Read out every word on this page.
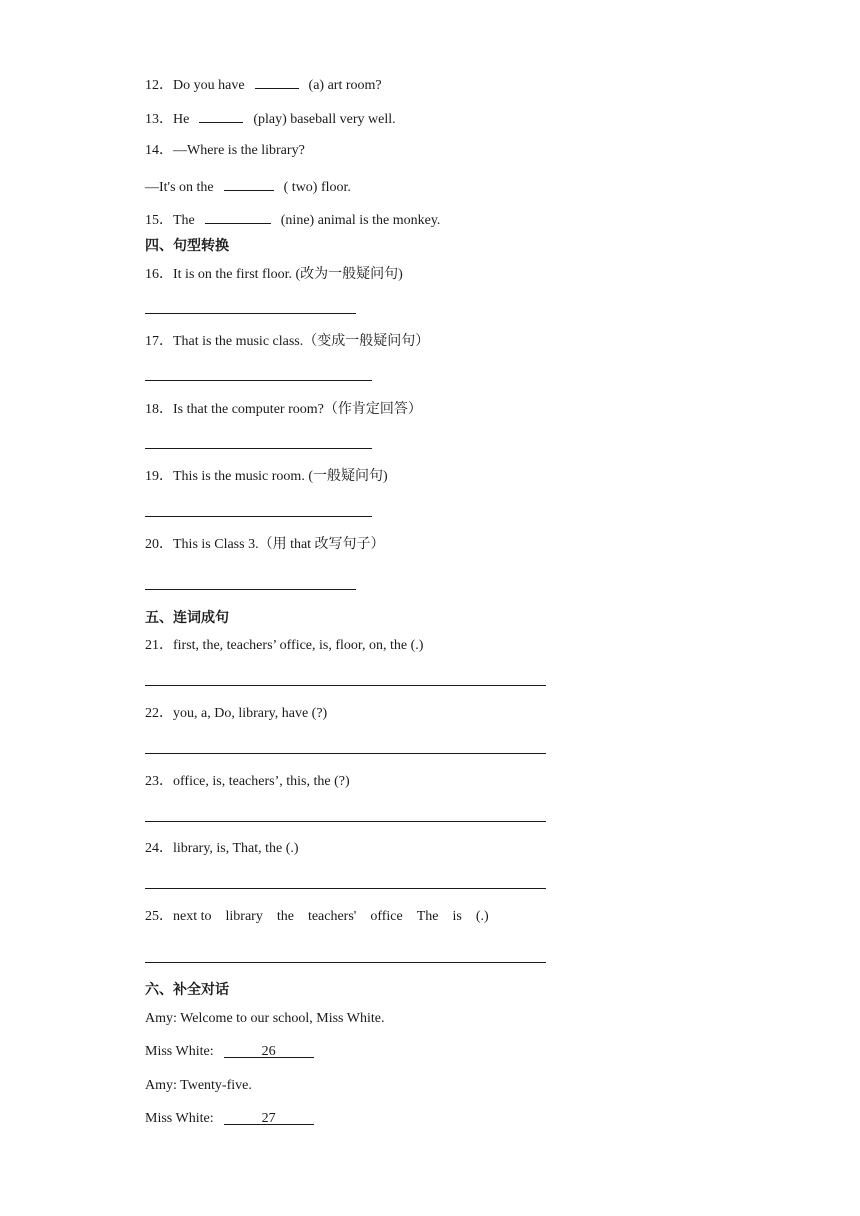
12．Do you have	(a) art room?
13．He	(play) baseball very well.
14．—Where is the library?
—It's on the	( two) floor.
15．The	(nine) animal is the monkey.
四、句型转换
16．It is on the first floor. (改为一般疑问句)
17．That is the music class.（变成一般疑问句）
18．Is that the computer room?（作肯定回答）
19．This is the music room. (一般疑问句)
20．This is Class 3.（用 that 改写句子）
五、连词成句
21．first, the, teachers’ office, is, floor, on, the (.)
22．you, a, Do, library, have (?)
23．office, is, teachers’, this, the (?)
24．library, is, That, the (.)
25．next to library the teachers' office The is (.)
六、补全对话
Amy: Welcome to our school, Miss White.
Miss White:	26
Amy: Twenty-five.
Miss White:	27
